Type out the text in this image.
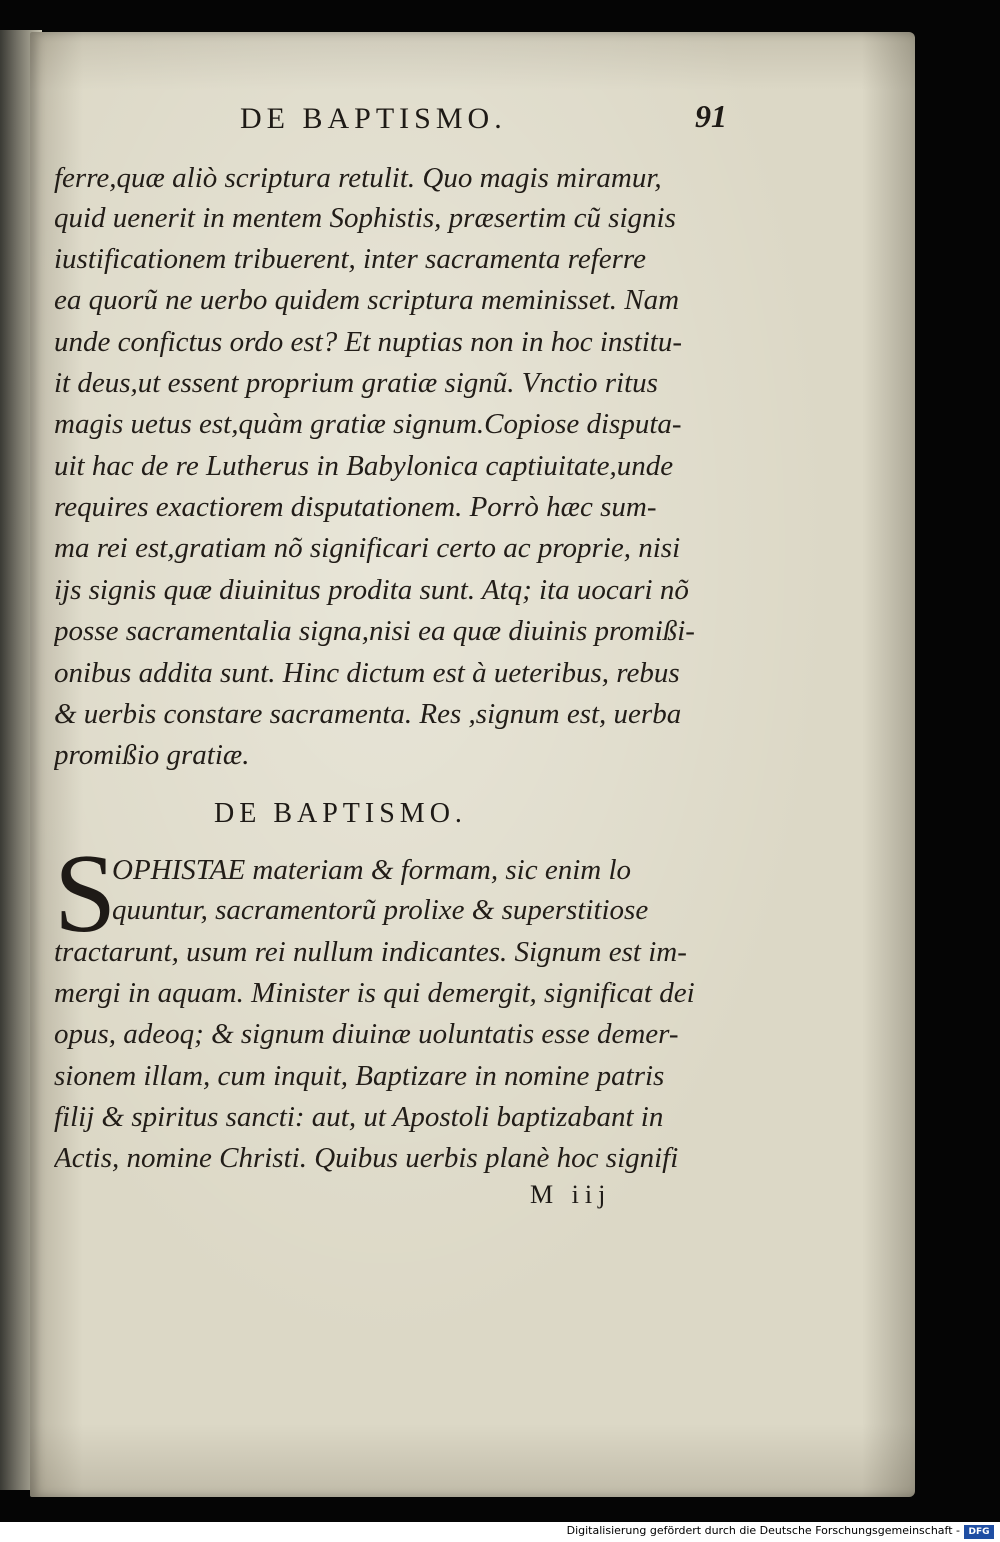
DE BAPTISMO.	91
ferre,quæ aliò scriptura retulit. Quo magis miramur,
quid uenerit in mentem Sophistis, præsertim cũ signis
iustificationem tribuerent, inter sacramenta referre
ea quorũ ne uerbo quidem scriptura meminisset. Nam
unde confictus ordo est? Et nuptias non in hoc institu-
it deus,ut essent proprium gratiæ signũ. Vnctio ritus
magis uetus est,quàm gratiæ signum.Copiose disputa-
uit hac de re Lutherus in Babylonica captiuitate,unde
requires exactiorem disputationem. Porrò hæc sum-
ma rei est,gratiam nõ significari certo ac proprie, nisi
ijs signis quæ diuinitus prodita sunt. Atq; ita uocari nõ
posse sacramentalia signa,nisi ea quæ diuinis promißi-
onibus addita sunt. Hinc dictum est à ueteribus, rebus
& uerbis constare sacramenta. Res ,signum est, uerba
promißio gratiæ.
DE BAPTISMO.
S
OPHISTAE materiam & formam, sic enim lo
quuntur, sacramentorũ prolixe & superstitiose
tractarunt, usum rei nullum indicantes. Signum est im-
mergi in aquam. Minister is qui demergit, significat dei
opus, adeoq; & signum diuinæ uoluntatis esse demer-
sionem illam, cum inquit, Baptizare in nomine patris
filij & spiritus sancti: aut, ut Apostoli baptizabant in
Actis, nomine Christi. Quibus uerbis planè hoc signifi
M iij
Digitalisierung gefördert durch die Deutsche Forschungsgemeinschaft - DFG
